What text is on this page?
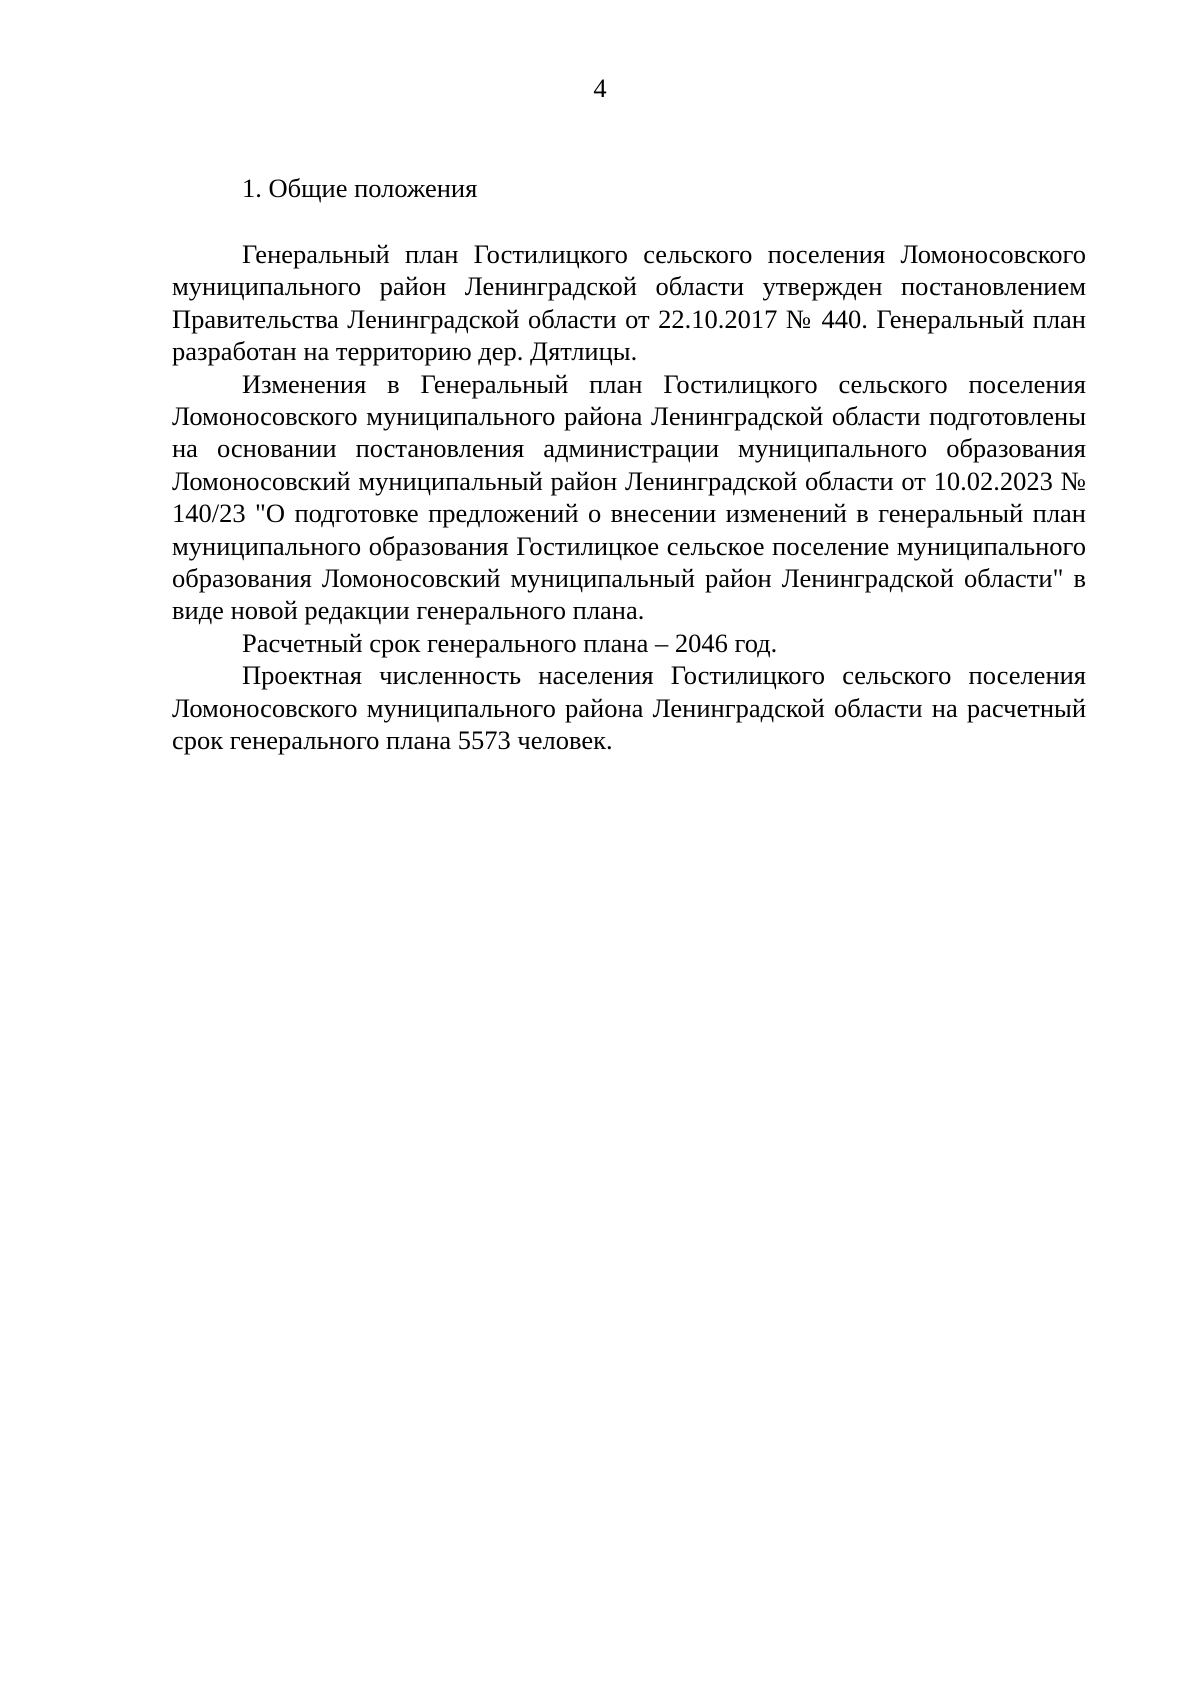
4
1. Общие положения

Генеральный план Гостилицкого сельского поселения Ломоносовского муниципального район Ленинградской области утвержден постановлением Правительства Ленинградской области от 22.10.2017 № 440. Генеральный план разработан на территорию дер. Дятлицы.

Изменения в Генеральный план Гостилицкого сельского поселения Ломоносовского муниципального района Ленинградской области подготовлены на основании постановления администрации муниципального образования Ломоносовский муниципальный район Ленинградской области от 10.02.2023 № 140/23 "О подготовке предложений о внесении изменений в генеральный план муниципального образования Гостилицкое сельское поселение муниципального образования Ломоносовский муниципальный район Ленинградской области" в виде новой редакции генерального плана.

Расчетный срок генерального плана – 2046 год.

Проектная численность населения Гостилицкого сельского поселения Ломоносовского муниципального района Ленинградской области на расчетный срок генерального плана 5573 человек.
